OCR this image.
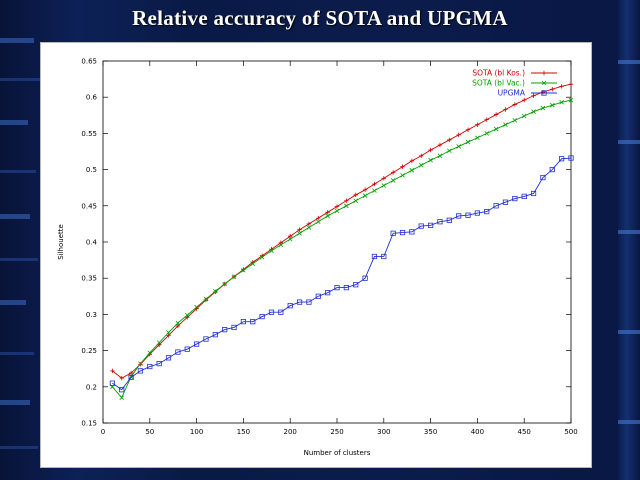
Relative accuracy of SOTA and UPGMA
0.15
0.2
0.25
0.3
0.35
0.4
0.45
0.5
0.55
0.6
0.65
0	50	100	150	200	250	300	350	400	450	500
Number of clusters
Silhouette
SOTA (bl Kos.)
SOTA (bl Vac.)
UPGMA
